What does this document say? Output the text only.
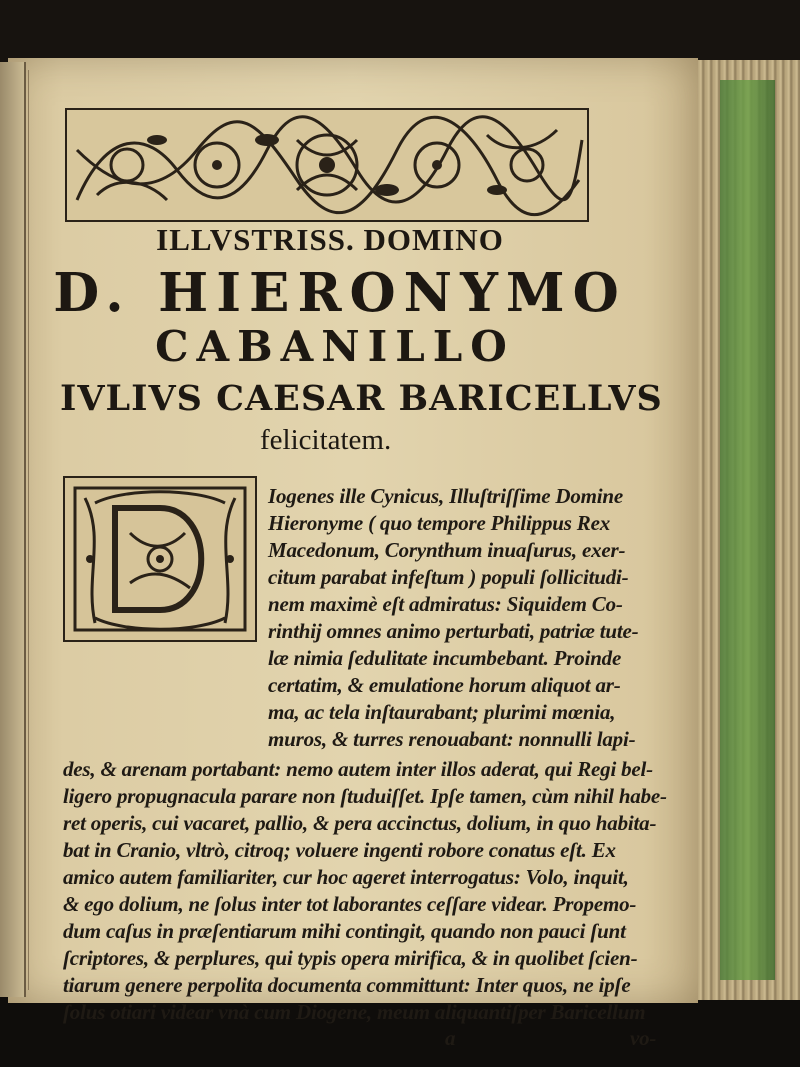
ILLVSTRISS. DOMINO
D. HIERONYMO
CABANILLO
IVLIVS CAESAR BARICELLVS
felicitatem.
Iogenes ille Cynicus, Illuſtriſſime Domine
Hieronyme ( quo tempore Philippus Rex
Macedonum, Corynthum inuaſurus, exer-
citum parabat infeſtum ) populi ſollicitudi-
nem maximè eſt admiratus: Siquidem Co-
rinthij omnes animo perturbati, patriæ tute-
læ nimia ſedulitate incumbebant. Proinde
certatim, & emulatione horum aliquot ar-
ma, ac tela inſtaurabant; plurimi mœnia,
muros, & turres renouabant: nonnulli lapi-
des, & arenam portabant: nemo autem inter illos aderat, qui Regi bel-
ligero propugnacula parare non ſtuduiſſet. Ipſe tamen, cùm nihil habe-
ret operis, cui vacaret, pallio, & pera accinctus, dolium, in quo habita-
bat in Cranio, vltrò, citroq; voluere ingenti robore conatus eſt. Ex
amico autem familiariter, cur hoc ageret interrogatus: Volo, inquit,
& ego dolium, ne ſolus inter tot laborantes ceſſare videar. Propemo-
dum caſus in præſentiarum mihi contingit, quando non pauci ſunt
ſcriptores, & perplures, qui typis opera mirifica, & in quolibet ſcien-
tiarum genere perpolita documenta committunt: Inter quos, ne ipſe
ſolus otiari videar vnà cum Diogene, meum aliquantiſper Baricellum
a	vo-
